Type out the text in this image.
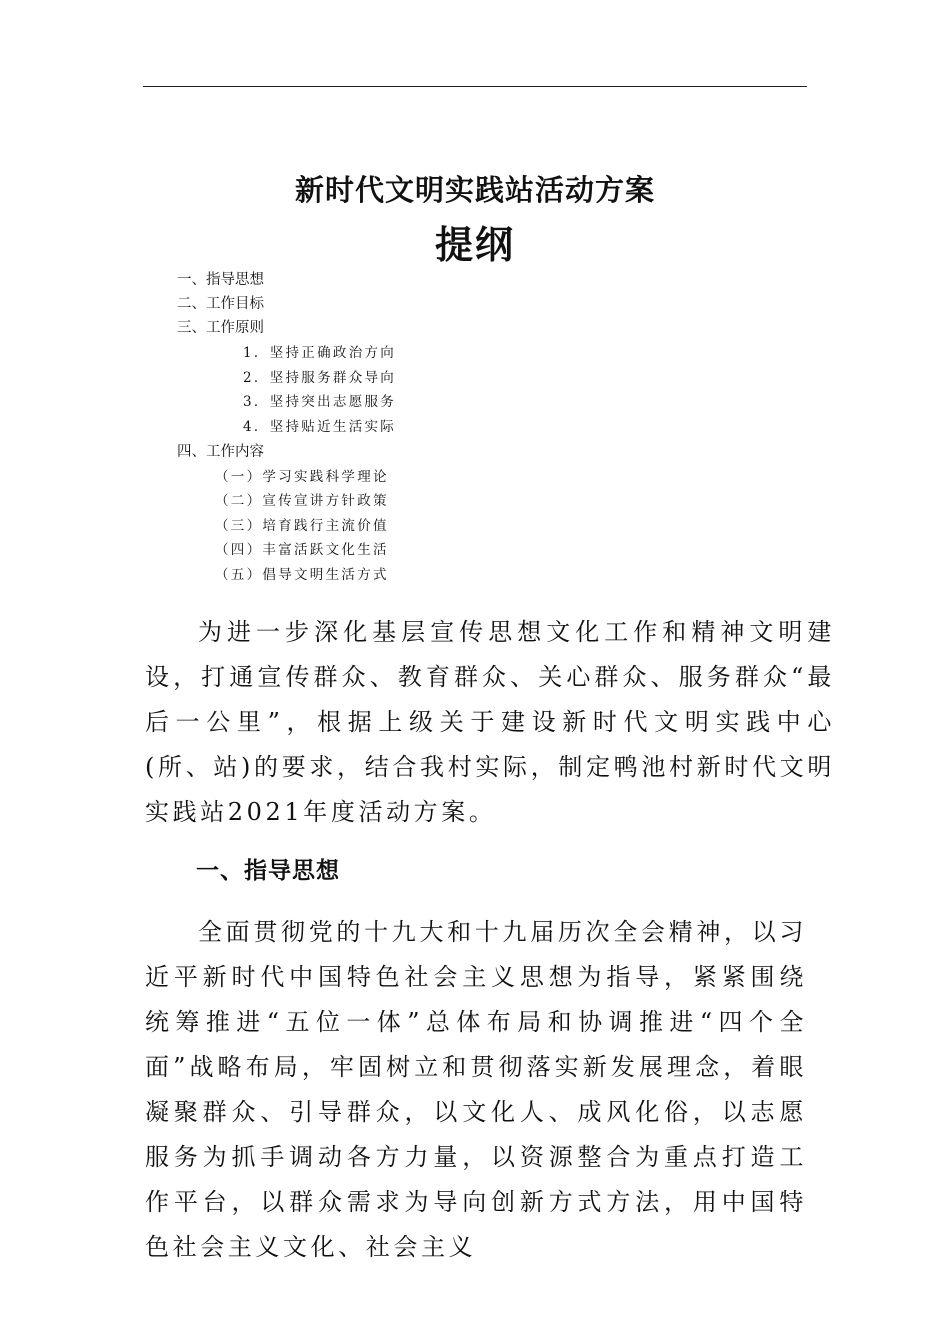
新时代文明实践站活动方案
提纲
一、指导思想
二、工作目标
三、工作原则
1．坚持正确政治方向
2．坚持服务群众导向
3．坚持突出志愿服务
4．坚持贴近生活实际
四、工作内容
（一）学习实践科学理论
（二）宣传宣讲方针政策
（三）培育践行主流价值
（四）丰富活跃文化生活
（五）倡导文明生活方式

为进一步深化基层宣传思想文化工作和精神文明建设，打通宣传群众、教育群众、关心群众、服务群众“最后一公里”，根据上级关于建设新时代文明实践中心(所、站)的要求，结合我村实际，制定鸭池村新时代文明实践站2021年度活动方案。

一、指导思想

全面贯彻党的十九大和十九届历次全会精神，以习近平新时代中国特色社会主义思想为指导，紧紧围绕统筹推进“五位一体”总体布局和协调推进“四个全面”战略布局，牢固树立和贯彻落实新发展理念，着眼凝聚群众、引导群众，以文化人、成风化俗，以志愿服务为抓手调动各方力量，以资源整合为重点打造工作平台，以群众需求为导向创新方式方法，用中国特色社会主义文化、社会主义
